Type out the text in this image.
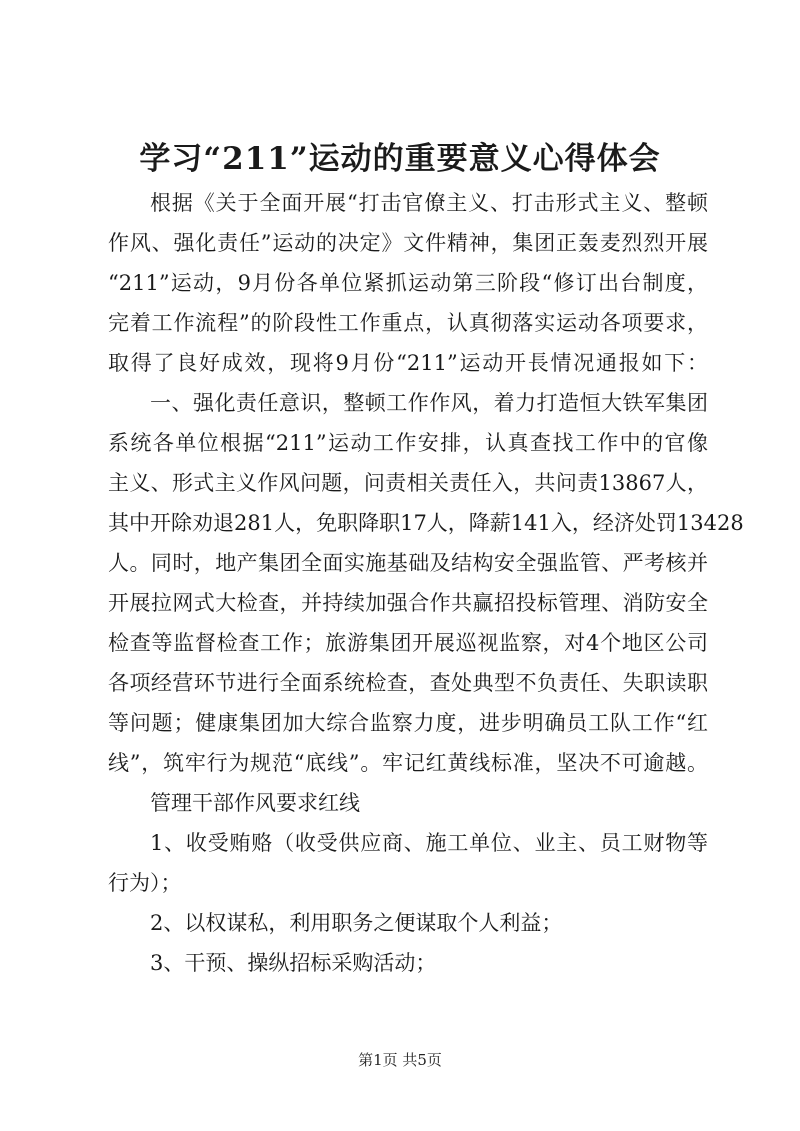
学习“211”运动的重要意义心得体会
根据《关于全面开展“打击官僚主义、打击形式主义、整顿
作风、强化责任”运动的决定》文件精神，集团正轰麦烈烈开展
“211”运动，9月份各单位紧抓运动第三阶段“修订出台制度，
完着工作流程”的阶段性工作重点，认真彻落实运动各项要求，
取得了良好成效，现将9月份“211”运动开長情况通报如下：
一、强化责任意识，整顿工作作风，着力打造恒大铁军集团
系统各单位根据“211”运动工作安排，认真查找工作中的官像
主义、形式主义作风问题，问责相关责任入，共问责13867人，
其中开除劝退281人，免职降职17人，降薪141入，经济处罚13428
人。同时，地产集团全面实施基础及结构安全强监管、严考核并
开展拉网式大检查，并持续加强合作共赢招投标管理、消防安全
检查等监督检查工作；旅游集团开展巡视监察，对4个地区公司
各项经营环节进行全面系统检查，查处典型不负责任、失职读职
等问题；健康集团加大综合监察力度，进步明确员工队工作“红
线”，筑牢行为规范“底线”。牢记红黄线标准，坚决不可逾越。
管理干部作风要求红线
1、收受贿赂（收受供应商、施工单位、业主、员工财物等
行为）；
2、以权谋私，利用职务之便谋取个人利益；
3、干预、操纵招标采购活动；
第1页 共5页
